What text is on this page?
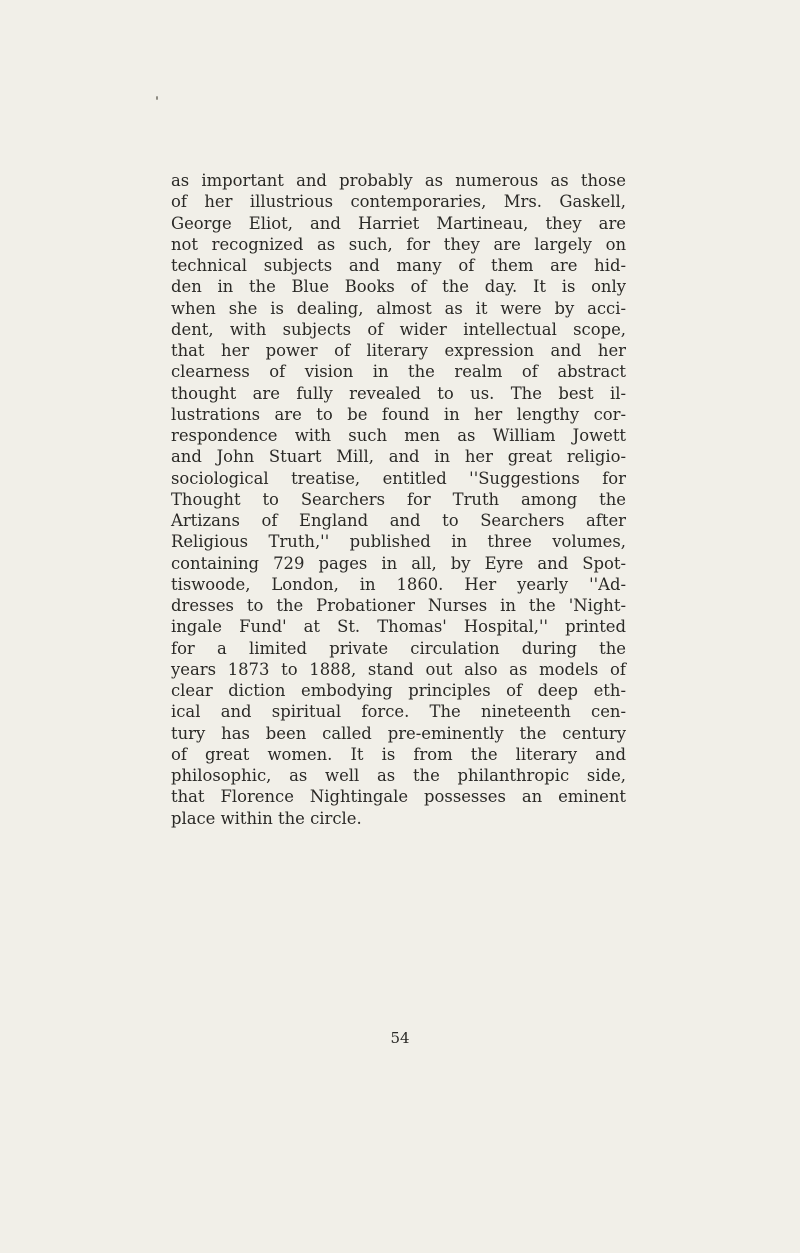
as important and probably as numerous as those
of her illustrious contemporaries, Mrs. Gaskell,
George Eliot, and Harriet Martineau, they are
not recognized as such, for they are largely on
technical subjects and many of them are hid-
den in the Blue Books of the day. It is only
when she is dealing, almost as it were by acci-
dent, with subjects of wider intellectual scope,
that her power of literary expression and her
clearness of vision in the realm of abstract
thought are fully revealed to us. The best il-
lustrations are to be found in her lengthy cor-
respondence with such men as William Jowett
and John Stuart Mill, and in her great religio-
sociological treatise, entitled ''Suggestions for
Thought to Searchers for Truth among the
Artizans of England and to Searchers after
Religious Truth,'' published in three volumes,
containing 729 pages in all, by Eyre and Spot-
tiswoode, London, in 1860. Her yearly ''Ad-
dresses to the Probationer Nurses in the 'Night-
ingale Fund' at St. Thomas' Hospital,'' printed
for a limited private circulation during the
years 1873 to 1888, stand out also as models of
clear diction embodying principles of deep eth-
ical and spiritual force. The nineteenth cen-
tury has been called pre-eminently the century
of great women. It is from the literary and
philosophic, as well as the philanthropic side,
that Florence Nightingale possesses an eminent
place within the circle.
54
